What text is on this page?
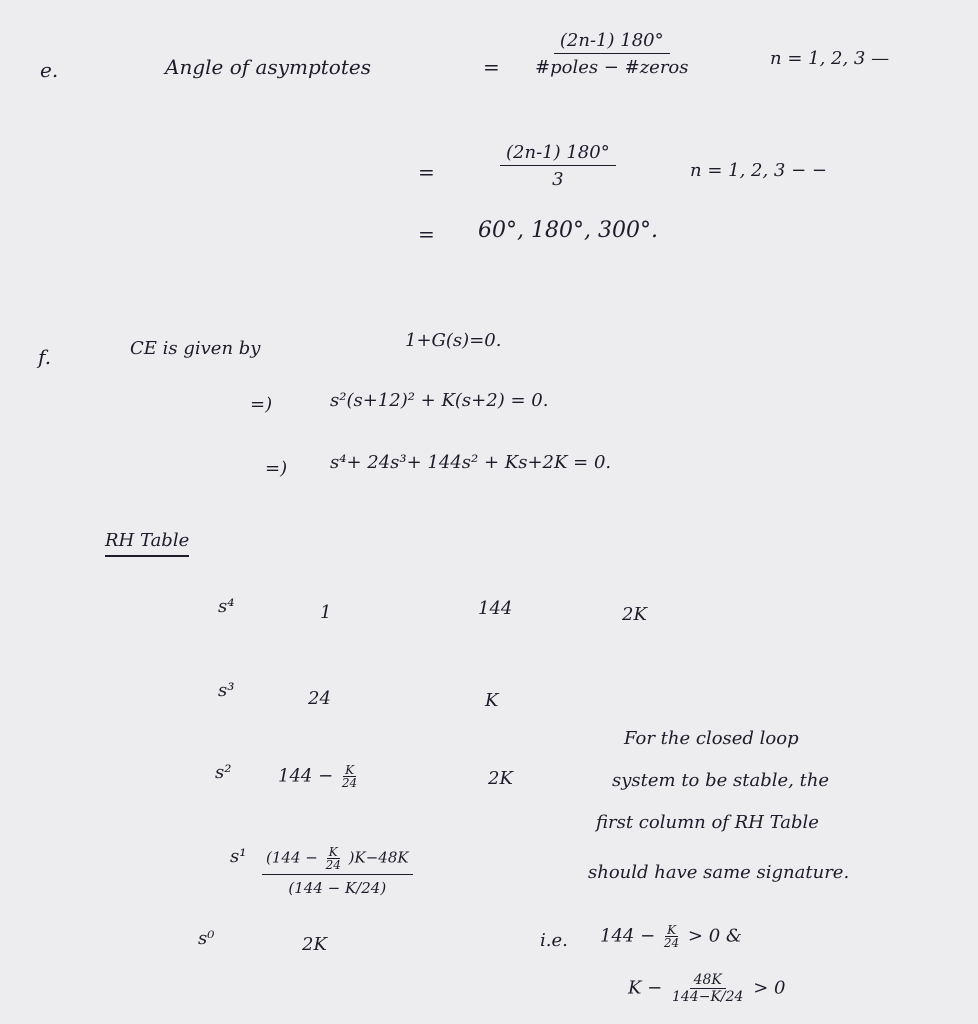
e.	Angle of asymptotes	=
(2n-1) 180°
#poles − #zeros	n = 1, 2, 3 —
=	$\frac{(2n-1) 180^\circ}{3}$	n = 1, 2, 3 − −
= 60°, 180°, 300°.
f.	CE is given by	1+G(s)=0.
=)	s²(s+12)² + K(s+2) = 0.
=) s⁴+ 24s³+ 144s² + Ks+2K = 0.
RH Table
s⁴	1	144	2K
s³	24	K
s²	$144 - \frac{K}{24}$	2K
$s^1 \frac{(144 - \frac{K}{24} )K-48K}{(144 - K/24)}$
s⁰	2K
For the closed loop
system to be stable, the
first column of RH Table
should have same signature.
i.e. $144 - \frac{K}{24} > 0$ &
$K - \frac{48K}{144-K/24} > 0$
